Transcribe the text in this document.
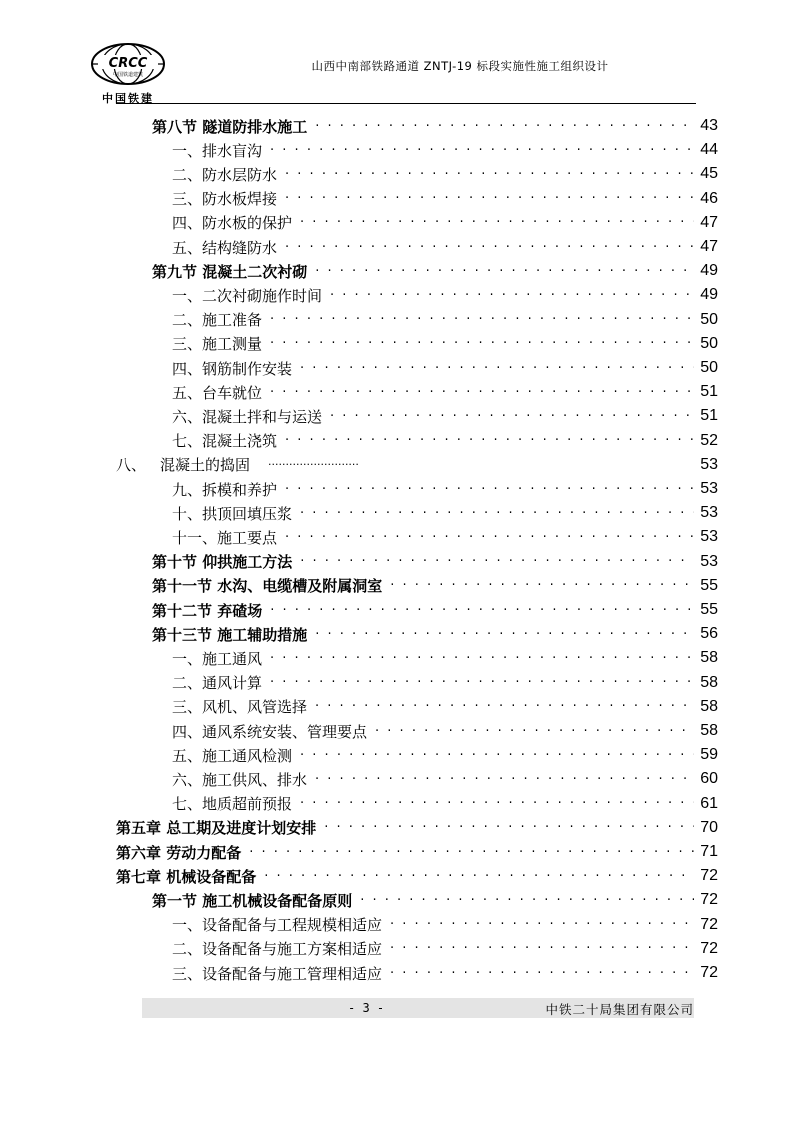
CRCC
中国铁道建筑
中国铁建
山西中南部铁路通道 ZNTJ-19 标段实施性施工组织设计
第八节 隧道防排水施工 · · ·	43
一、 排水盲沟 · · ·	44
二、 防水层防水 · · ·	45
三、 防水板焊接 · · ·	46
四、 防水板的保护 · · ·	47
五、 结构缝防水 · · ·	47
第九节 混凝土二次衬砌 · · ·	49
一、 二次衬砌施作时间 · · ·	49
二、 施工准备 · · ·	50
三、 施工测量 · · ·	50
四、 钢筋制作安装 · · ·	50
五、 台车就位 · · ·	51
六、 混凝土拌和与运送 · · ·	51
七、 混凝土浇筑 · · ·	52
八、 混凝土的捣固 ·····	53
九、 拆模和养护 · · ·	53
十、 拱顶回填压浆 · · ·	53
十一、 施工要点 · · ·	53
第十节 仰拱施工方法 · · ·	53
第十一节 水沟、电缆槽及附属洞室 · · ·	55
第十二节 弃碴场 · · ·	55
第十三节 施工辅助措施 · · ·	56
一、 施工通风 · · ·	58
二、 通风计算 · · ·	58
三、 风机、风管选择 · · ·	58
四、 通风系统安装、管理要点 · · ·	58
五、 施工通风检测 · · ·	59
六、 施工供风、排水 · · ·	60
七、 地质超前预报 · · ·	61
第五章 总工期及进度计划安排 · · ·	70
第六章 劳动力配备 · · ·	71
第七章 机械设备配备 · · ·	72
第一节 施工机械设备配备原则 · · ·	72
一、 设备配备与工程规模相适应 · · ·	72
二、 设备配备与施工方案相适应 · · ·	72
三、 设备配备与施工管理相适应 · · ·	72
- 3 -	中铁二十局集团有限公司
